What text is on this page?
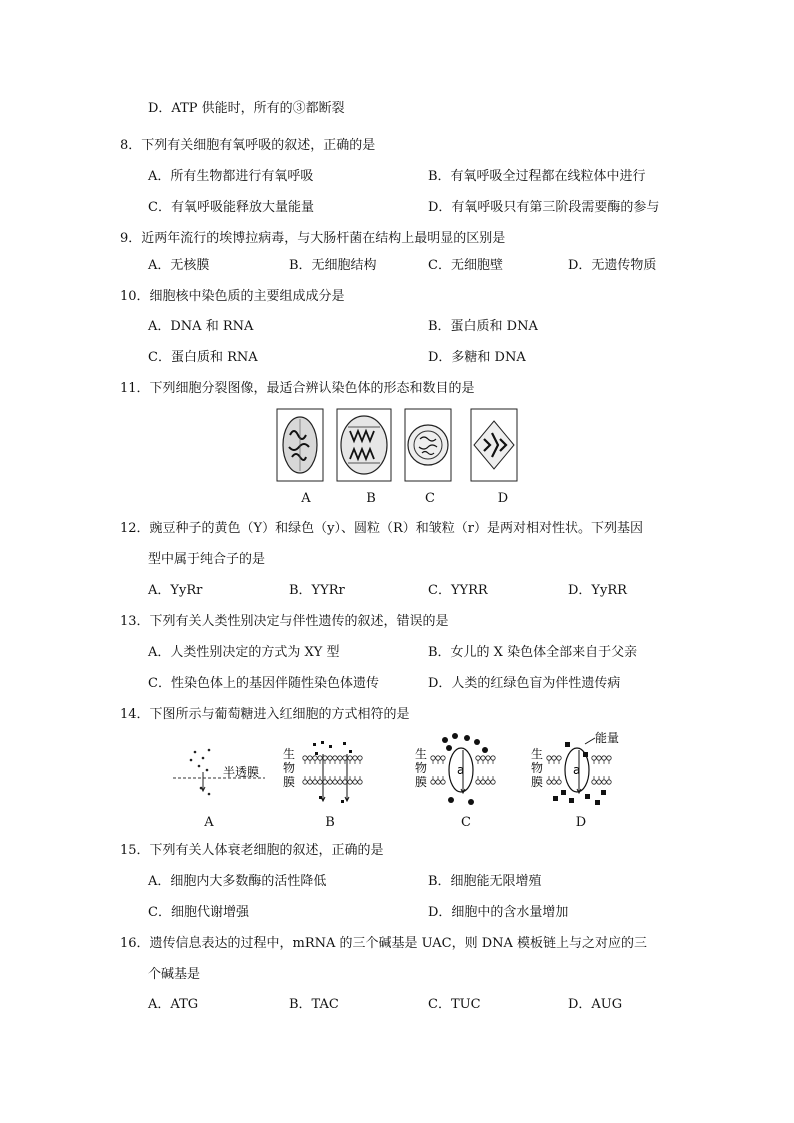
D．ATP 供能时，所有的③都断裂
8．下列有关细胞有氧呼吸的叙述，正确的是
A．所有生物都进行有氧呼吸	B．有氧呼吸全过程都在线粒体中进行
C．有氧呼吸能释放大量能量	D．有氧呼吸只有第三阶段需要酶的参与
9．近两年流行的埃博拉病毒，与大肠杆菌在结构上最明显的区别是
A．无核膜	B．无细胞结构	C．无细胞壁	D．无遗传物质
10．细胞核中染色质的主要组成成分是
A．DNA 和 RNA	B．蛋白质和 DNA
C．蛋白质和 RNA	D．多糖和 DNA
11．下列细胞分裂图像，最适合辨认染色体的形态和数目的是
A	B	C	D
12．豌豆种子的黄色（Y）和绿色（y）、圆粒（R）和皱粒（r）是两对相对性状。下列基因
型中属于纯合子的是
A．YyRr	B．YYRr	C．YYRR	D．YyRR
13．下列有关人类性别决定与伴性遗传的叙述，错误的是
A．人类性别决定的方式为 XY 型	B．女儿的 X 染色体全部来自于父亲
C．性染色体上的基因伴随性染色体遗传	D．人类的红绿色盲为伴性遗传病
14．下图所示与葡萄糖进入红细胞的方式相符的是
半透膜
生
物
膜
生
物
膜
a
生
物
膜
a
能量
A	B	C	D
15．下列有关人体衰老细胞的叙述，正确的是
A．细胞内大多数酶的活性降低	B．细胞能无限增殖
C．细胞代谢增强	D．细胞中的含水量增加
16．遗传信息表达的过程中，mRNA 的三个碱基是 UAC，则 DNA 模板链上与之对应的三
个碱基是
A．ATG	B．TAC	C．TUC	D．AUG
